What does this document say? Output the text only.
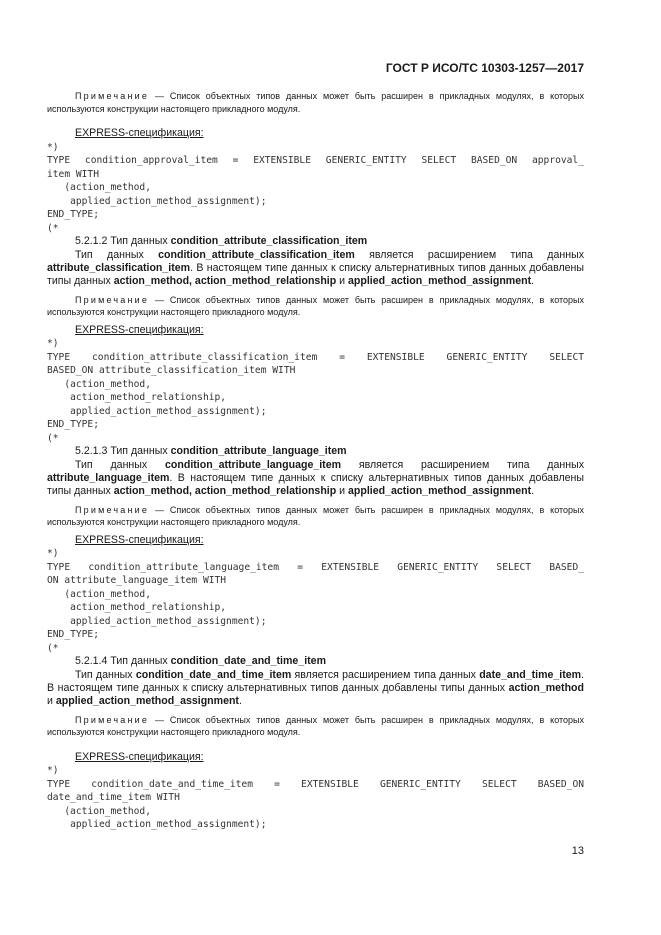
ГОСТ Р ИСО/ТС 10303-1257—2017

Примечание — Список объектных типов данных может быть расширен в прикладных модулях, в которых используются конструкции настоящего прикладного модуля.

EXPRESS-спецификация:

*)

TYPE condition_approval_item = EXTENSIBLE GENERIC_ENTITY SELECT BASED_ON approval_

item WITH

(action_method,
applied_action_method_assignment);
END_TYPE;
(*

5.2.1.2 Тип данных condition_attribute_classification_item

Тип данных condition_attribute_classification_item является расширением типа данных attribute_classification_item. В настоящем типе данных к списку альтернативных типов данных добавлены типы данных action_method, action_method_relationship и applied_action_method_assignment.

Примечание — Список объектных типов данных может быть расширен в прикладных модулях, в которых используются конструкции настоящего прикладного модуля.

EXPRESS-спецификация:

*)

TYPE  condition_attribute_classification_item  =  EXTENSIBLE  GENERIC_ENTITY  SELECT

BASED_ON attribute_classification_item WITH

(action_method,
action_method_relationship,
applied_action_method_assignment);
END_TYPE;
(*

5.2.1.3 Тип данных condition_attribute_language_item

Тип данных condition_attribute_language_item является расширением типа данных attribute_language_item. В настоящем типе данных к списку альтернативных типов данных добавлены типы данных action_method, action_method_relationship и applied_action_method_assignment.

Примечание — Список объектных типов данных может быть расширен в прикладных модулях, в которых используются конструкции настоящего прикладного модуля.

EXPRESS-спецификация:

*)

TYPE condition_attribute_language_item = EXTENSIBLE GENERIC_ENTITY SELECT BASED_

ON attribute_language_item WITH

(action_method,
action_method_relationship,
applied_action_method_assignment);
END_TYPE;
(*

5.2.1.4 Тип данных condition_date_and_time_item

Тип данных condition_date_and_time_item является расширением типа данных date_and_time_item. В настоящем типе данных к списку альтернативных типов данных добавлены типы данных action_method и applied_action_method_assignment.

Примечание — Список объектных типов данных может быть расширен в прикладных модулях, в которых используются конструкции настоящего прикладного модуля.

EXPRESS-спецификация:

*)

TYPE  condition_date_and_time_item  =  EXTENSIBLE  GENERIC_ENTITY  SELECT  BASED_ON

date_and_time_item WITH

(action_method,
applied_action_method_assignment);

13
